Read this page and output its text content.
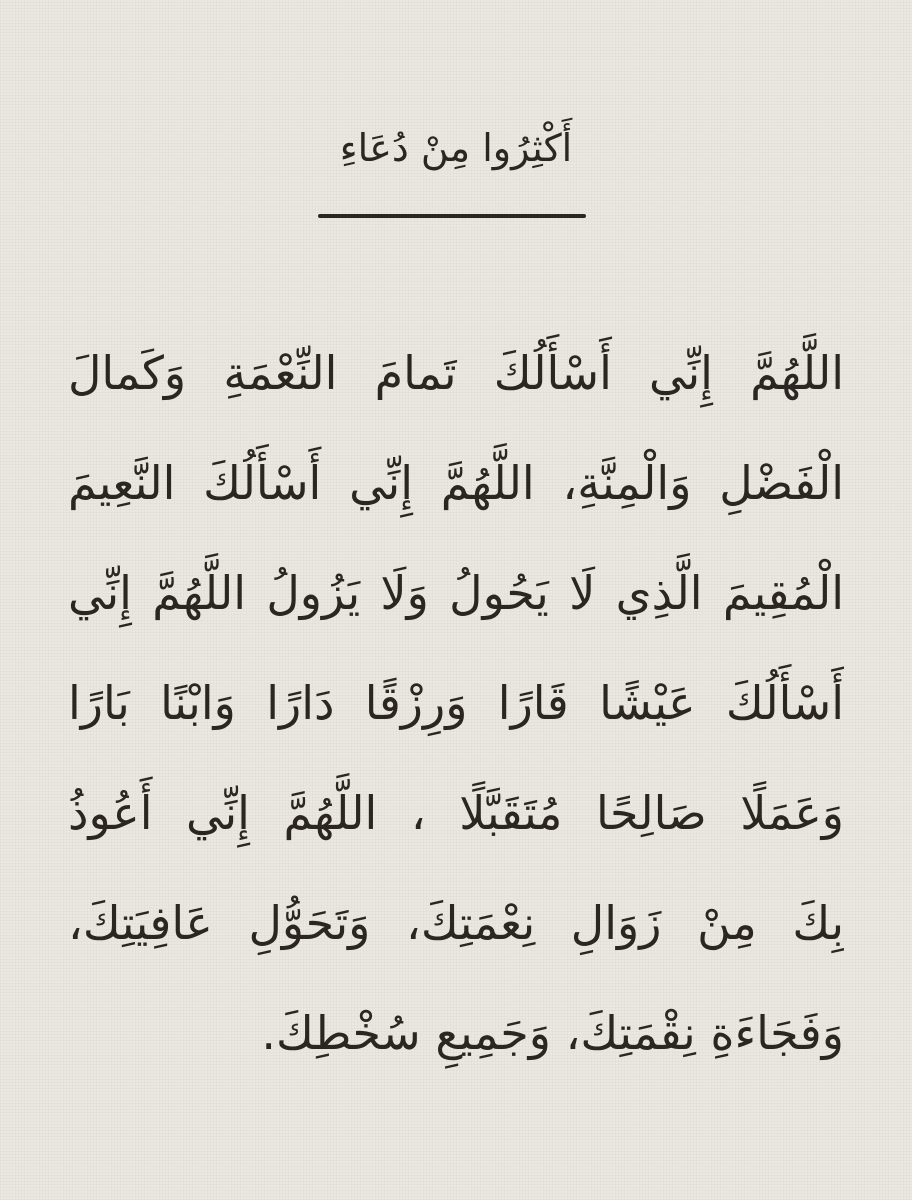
أَكْثِرُوا مِنْ دُعَاءِ
اللَّهُمَّ إِنِّي أَسْأَلُكَ تَمامَ النِّعْمَةِ وَكَمالَ
الْفَضْلِ وَالْمِنَّةِ، اللَّهُمَّ إِنِّي أَسْأَلُكَ النَّعِيمَ
الْمُقِيمَ الَّذِي لَا يَحُولُ وَلَا يَزُولُ اللَّهُمَّ إِنِّي
أَسْأَلُكَ عَيْشًا قَارًا وَرِزْقًا دَارًا وَابْنًا بَارًا
وَعَمَلًا صَالِحًا مُتَقَبَّلًا ، اللَّهُمَّ إِنِّي أَعُوذُ
بِكَ مِنْ زَوَالِ نِعْمَتِكَ، وَتَحَوُّلِ عَافِيَتِكَ،
وَفَجَاءَةِ نِقْمَتِكَ، وَجَمِيعِ سُخْطِكَ.
